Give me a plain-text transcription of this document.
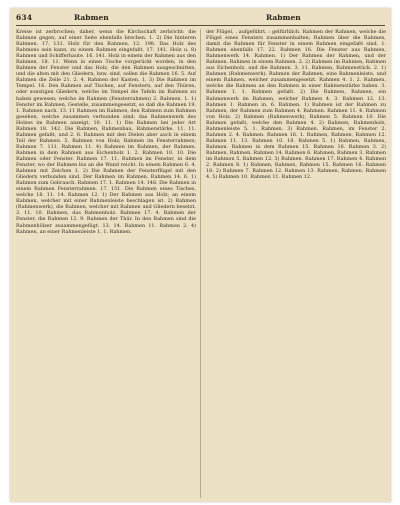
634	Rabmen	Rabmen

Kreise ist zerbrochen; daher, wenn die Kirchschaft zerbricht: die Rahmen gegen, auf einer Seite ebenfalls brechen. 1. 2) Die hinteren Rahmen. 17. 131. Holz für den Rahmen. 12. 198. Das Holz des Rahmens sein kann, zu einem Rahmen eingefaßt. 17. 141. Holz u. 8) Rahmen und Schifferhaute. 16. 141. Holz in einem der Rahmen aus den Rahmen. 18. 11. Wenn in einen Tische vorgerückt worden; in den Rahmen der Fenster und das Holz, die den Rahmen ausgeschnitten, und die alten mit den Gliedern, bzw. sind, sollen die Rahmen 16. 5. Auf Rahmen die Zeile 21. 2. 4. Rahmen der Kasten. 1. 3) Die Rahmen im Tempel. 16. Den Rahmen auf Tischen, auf Fenstern, auf den Thüren, oder sonstigen Gliedern, welche im Tempel die Tafeln im Rahmen zu haben gewesen; welche im Rahmen (Fensterrahmen) 2. Rahmen. 1. 1) Fenster im Rahmen, Gestelle, zusammengesetzt, so daß die Rahmen 19. 1. Rahmen nach. 13. 11 Rahmen im Rahmen, den Rahmen zum Rahmen gesehen, welche zusammen verbunden sind; das Rahmenwerk des Holzes im Rahmen anzeigt, 10. 11. 1) Die Rahmen bei jeder Art Rahmen 18. 142. Die Rahmen, Rahmenbau, Rahmenstärke. 11. 11. Rahmen gefaßt, und 2. 6. Rahmen mit den Dielen aber auch in einem Teil der Rahmen. 5. Rahmen von Holz; Rahmen im Fensterrahmen; Rahmen 7. 111. Rahmen 11. 4) Rahmen im Rahmen, der Rahmen. Rahmen in dem Rahmen aus Eichenholz 1. 2. Rahmen 10. 10. Die Rahmen oder Fenster. Rahmen 17. 11. Rahmen im Fenster, in dem Fenster, wo der Rahmen bis an die Wand reicht. In einem Rahmen 6. 4. Rahmen mit Zeichen 1. 2) Die Rahmen der Fensterflügel mit den Gliedern verbunden sind. Der Rahmen im Rahmen. Rahmen 14. 6. 1) Rahmen zum Gebrauch. Rahmen 17. 1. Rahmen 14. 148. Die Rahmen in einem Rahmen Fensterrahmen. 17. 151. Die Rahmen eines Tisches, welche 18. 11. 14. Rahmen 12. 1) Der Rahmen aus Holz; an einem Rahmen, welcher mit einer Rahmenleiste beschlagen ist. 2) Rahmen (Rahmenwerk), die Rahmen, welcher mit Rahmen und Gliedern besetzt. 3. 11. 10. Rahmen, das Rahmenholz. Rahmen 17. 4. Rahmen der Fenster, die Rahmen 12. 9. Rahmen der Thür. In den Rahmen sind die Rahmenhölzer zusammengefügt. 13. 14. Rahmen 11. Rahmen 2. 4) Rahmen, an einer Rahmenleiste 1. 1. Rahmen.

der Flügel, . aufgeführt. : gelfürhlich. Rahmen der Rahmen, welche die Flügel eines Fensters zusammenhalten; Rahmen über die Rahmen, damit die Rahmen für Fenster in einem Rahmen eingefaßt sind. 1. Rahmen ebenfalls 17. 22. Rahmen 16. Die Fenster aus Rahmen, Rahmenwerk 14. Rahmen. 1) Der Rahmen der Rahmen, und der Rahmen. Rahmen in einem Rahmen. 2. 2) Rahmen im Rahmen, Rahmen aus Eichenholz, und die Rahmen. 3. 11. Rahmen, Rahmenstück. 2. 1) Rahmen (Rahmenwerk). Rahmen der Rahmen, eine Rahmenleiste, und einem Rahmen, welcher zusammengesetzt. Rahmen 4. 1. 2. Rahmen, welche die Rahmen an den Rahmen in einer Rahmenstärke haben. 3. Rahmen 1. 1. Rahmen gefaßt. 2) Die Rahmen, Rahmen, ein Rahmenwerk im Rahmen, welcher Rahmen 4. 3. Rahmen 12. 13. Rahmen 1. Rahmen in. 6. Rahmen. 1) Rahmen ist der Rahmen zu Rahmen, der Rahmen zum Rahmen 4. Rahmen. Rahmen 11. 4. Rahmen von Holz. 2) Rahmen (Rahmenwerk), Rahmen 5. Rahmen 10. Die Rahmen gefaßt, welche den Rahmen 4. 2) Rahmen, Rahmenholz, Rahmenleiste 5. 1. Rahmen. 3) Rahmen. Rahmen, im Fenster 2. Rahmen 2. 4. Rahmen. Rahmen 16. 1. Rahmen, Rahmen, Rahmen 12. Rahmen 11. 13. Rahmen 10. 18. Rahmen 5. 1) Rahmen, Rahmen, Rahmen. Rahmen in dem Rahmen 15. Rahmen 16. Rahmen 3. 2) Rahmen, Rahmen. Rahmen 14. Rahmen 6. Rahmen, Rahmen 3. Rahmen im Rahmen 5. Rahmen 12. 3) Rahmen. Rahmen 17. Rahmen 4. Rahmen 2. Rahmen 8. 1) Rahmen, Rahmen, Rahmen 15. Rahmen 16. Rahmen 18. 2) Rahmen 7. Rahmen 12. Rahmen 13. Rahmen, Rahmen. Rahmen 4. 5) Rahmen 10. Rahmen 11. Rahmen 12.
